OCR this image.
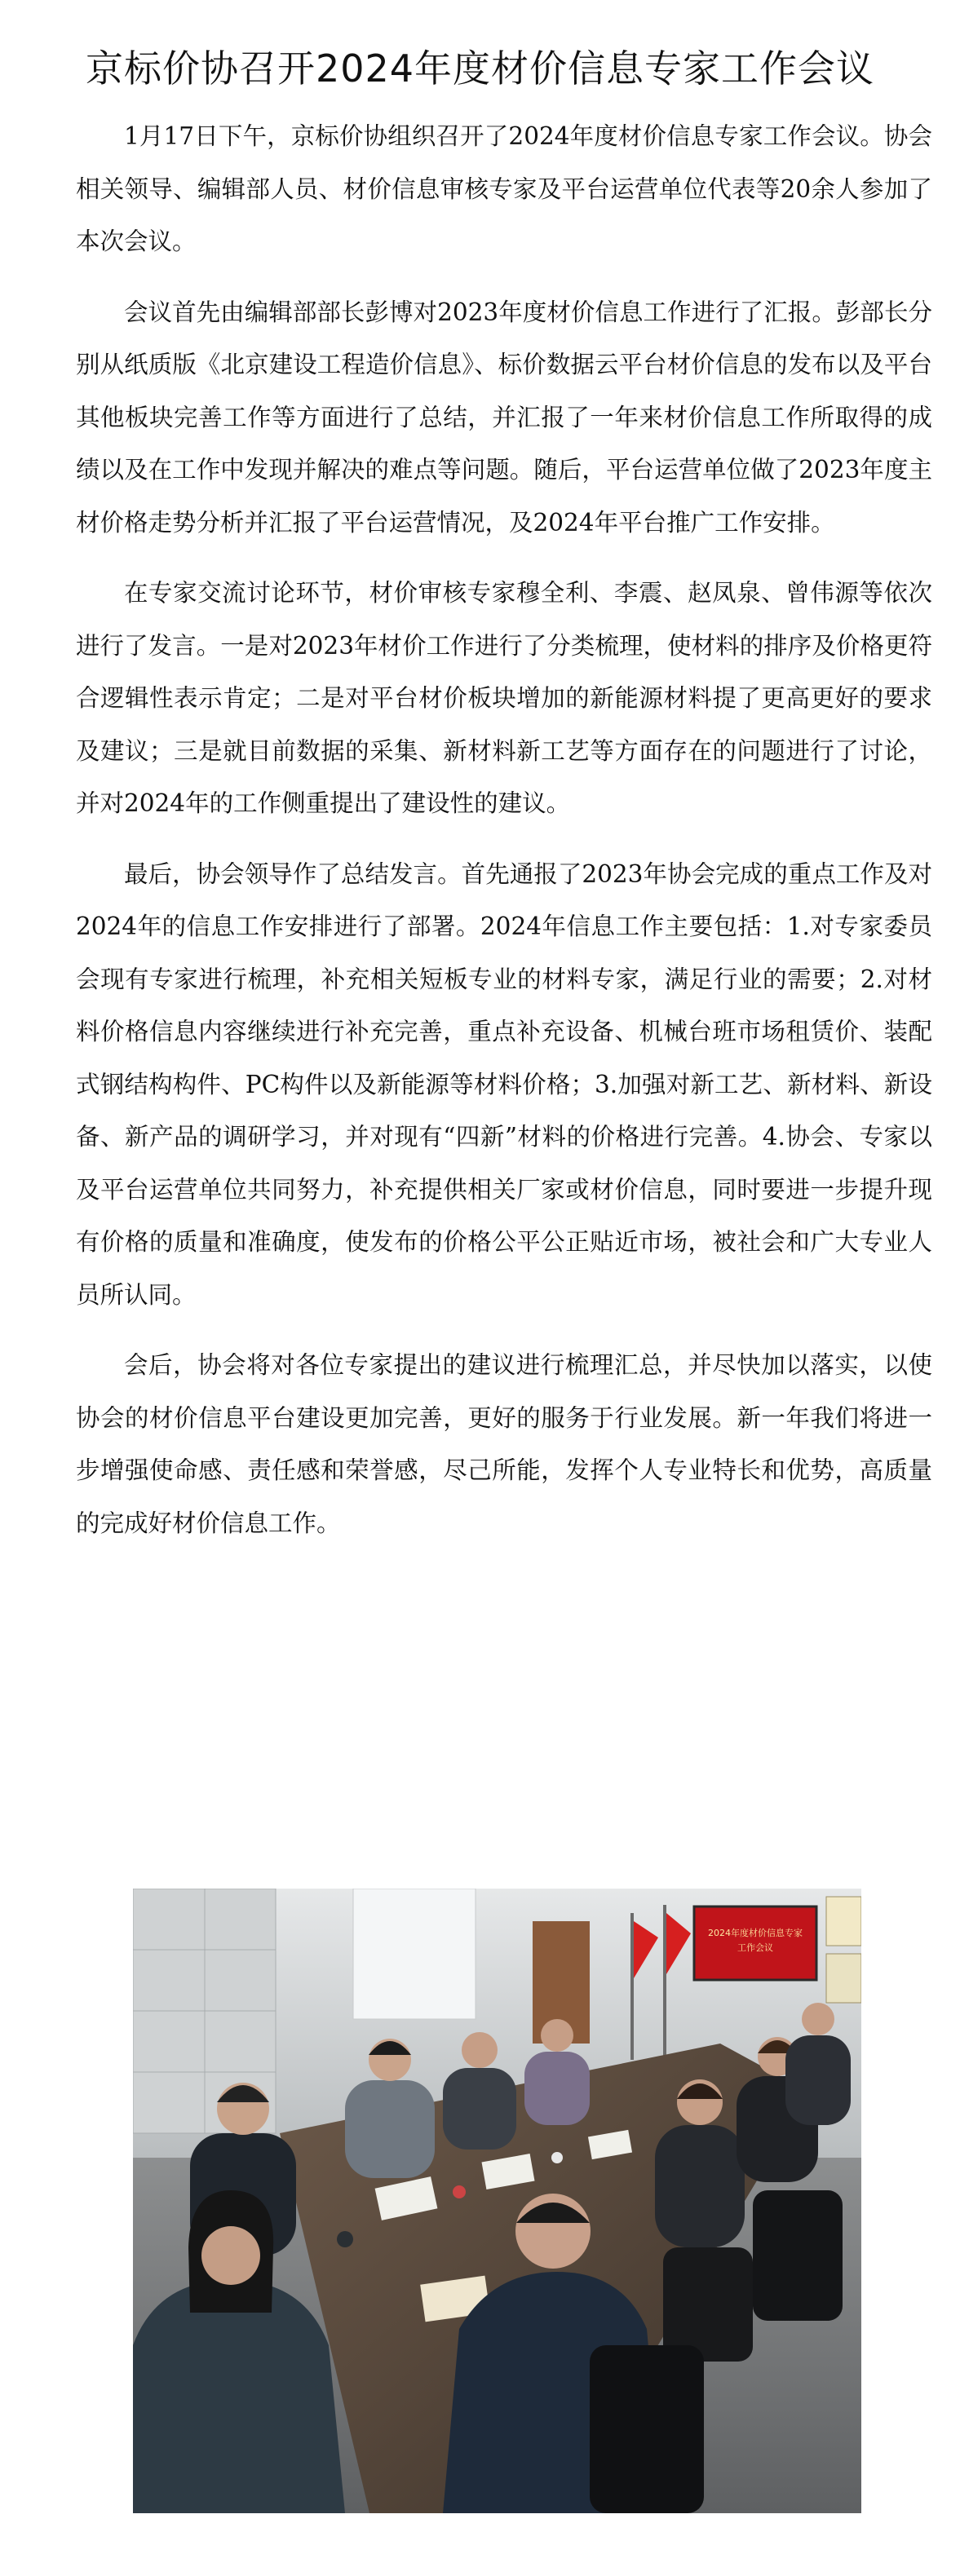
京标价协召开2024年度材价信息专家工作会议

1月17日下午，京标价协组织召开了2024年度材价信息专家工作会议。协会相关领导、编辑部人员、材价信息审核专家及平台运营单位代表等20余人参加了本次会议。

会议首先由编辑部部长彭博对2023年度材价信息工作进行了汇报。彭部长分别从纸质版《北京建设工程造价信息》、标价数据云平台材价信息的发布以及平台其他板块完善工作等方面进行了总结，并汇报了一年来材价信息工作所取得的成绩以及在工作中发现并解决的难点等问题。随后，平台运营单位做了2023年度主材价格走势分析并汇报了平台运营情况，及2024年平台推广工作安排。

在专家交流讨论环节，材价审核专家穆全利、李震、赵凤泉、曾伟源等依次进行了发言。一是对2023年材价工作进行了分类梳理，使材料的排序及价格更符合逻辑性表示肯定；二是对平台材价板块增加的新能源材料提了更高更好的要求及建议；三是就目前数据的采集、新材料新工艺等方面存在的问题进行了讨论，并对2024年的工作侧重提出了建设性的建议。

最后，协会领导作了总结发言。首先通报了2023年协会完成的重点工作及对2024年的信息工作安排进行了部署。2024年信息工作主要包括：1.对专家委员会现有专家进行梳理，补充相关短板专业的材料专家，满足行业的需要；2.对材料价格信息内容继续进行补充完善，重点补充设备、机械台班市场租赁价、装配式钢结构构件、PC构件以及新能源等材料价格；3.加强对新工艺、新材料、新设备、新产品的调研学习，并对现有“四新”材料的价格进行完善。4.协会、专家以及平台运营单位共同努力，补充提供相关厂家或材价信息，同时要进一步提升现有价格的质量和准确度，使发布的价格公平公正贴近市场，被社会和广大专业人员所认同。

会后，协会将对各位专家提出的建议进行梳理汇总，并尽快加以落实，以使协会的材价信息平台建设更加完善，更好的服务于行业发展。新一年我们将进一步增强使命感、责任感和荣誉感，尽己所能，发挥个人专业特长和优势，高质量的完成好材价信息工作。

2024年度材价信息专家
工作会议
